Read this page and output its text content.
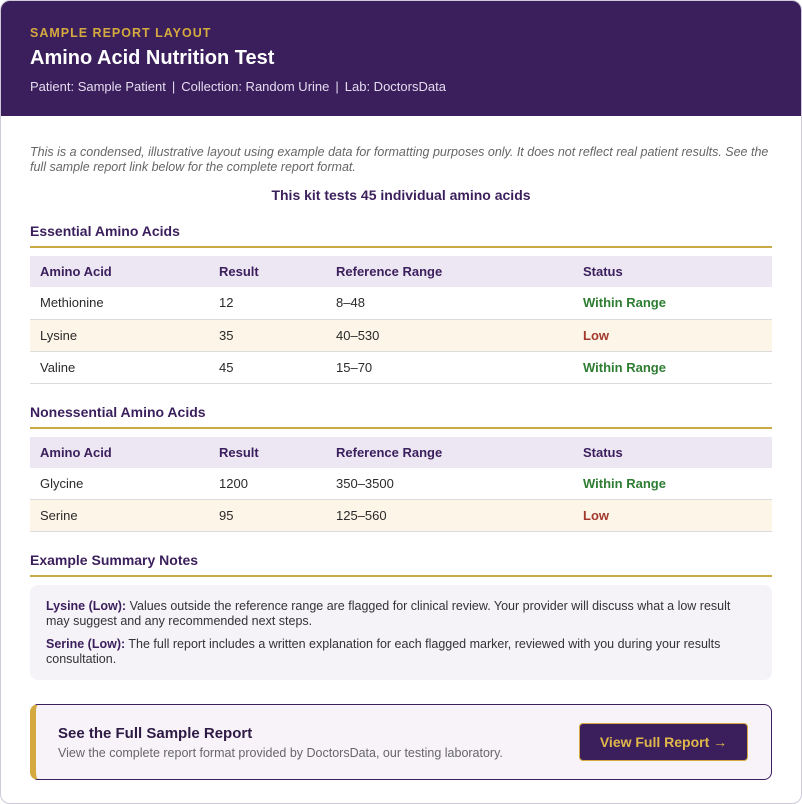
SAMPLE REPORT LAYOUT
Amino Acid Nutrition Test
Patient: Sample Patient | Collection: Random Urine | Lab: DoctorsData

This is a condensed, illustrative layout using example data for formatting purposes only. It does not reflect real patient results. See the full sample report link below for the complete report format.

This kit tests 45 individual amino acids

Essential Amino Acids
Amino Acid	Result	Reference Range	Status
Methionine	12	8–48	Within Range
Lysine	35	40–530	Low
Valine	45	15–70	Within Range
Nonessential Amino Acids
Amino Acid	Result	Reference Range	Status
Glycine	1200	350–3500	Within Range
Serine	95	125–560	Low
Example Summary Notes

Lysine (Low): Values outside the reference range are flagged for clinical review. Your provider will discuss what a low result may suggest and any recommended next steps.

Serine (Low): The full report includes a written explanation for each flagged marker, reviewed with you during your results consultation.

See the Full Sample Report
View the complete report format provided by DoctorsData, our testing laboratory.
View Full Report →
